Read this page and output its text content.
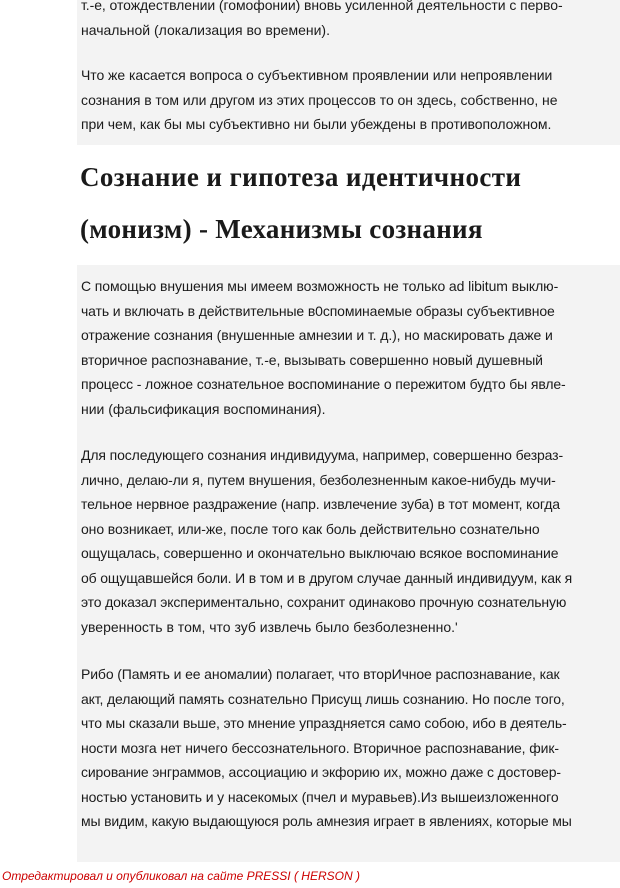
т.-е, отождествлении (гомофонии) вновь усиленной деятельности с перво-
начальной (локализация во времени).

Что же касается вопроса о субъективном проявлении или непроявлении
сознания в том или другом из этих процессов то он здесь, собственно, не
при чем, как бы мы субъективно ни были убеждены в противоположном.

Сознание и гипотеза идентичности
(монизм) - Механизмы сознания

С помощью внушения мы имеем возможность не только ad libitum выклю-
чать и включать в действительные в0споминаемые образы субъективное
отражение сознания (внушенные амнезии и т. д.), но маскировать даже и
вторичное распознавание, т.-е, вызывать совершенно новый душевный
процесс - ложное сознательное воспоминание о пережитом будто бы явле-
нии (фальсификация воспоминания).

Для последующего сознания индивидуума, например, совершенно безраз-
лично, делаю-ли я, путем внушения, безболезненным какое-нибудь мучи-
тельное нервное раздражение (напр. извлечение зуба) в тот момент, когда
оно возникает, или-же, после того как боль действительно сознательно
ощущалась, совершенно и окончательно выключаю всякое воспоминание
об ощущавшейся боли. И в том и в другом случае данный индивидуум, как я
это доказал экспериментально, сохранит одинаково прочную сознательную
уверенность в том, что зуб извлечь было безболезненно.'

Рибо (Память и ее аномалии) полагает, что вторИчное распознавание, как
акт, делающий память сознательно Присущ лишь сознанию. Но после того,
что мы сказали вьше, это мнение упраздняется само собою, ибо в деятель-
ности мозга нет ничего бессознательного. Вторичное распознавание, фик-
сирование энграммов, ассоциацию и экфорию их, можно даже с достовер-
ностью установить и у насекомых (пчел и муравьев).Из вышеизложенного
мы видим, какую выдающуюся роль амнезия играет в явлениях, которые мы

Отредактировал и опубликовал на сайте PRESSI ( HERSON )
